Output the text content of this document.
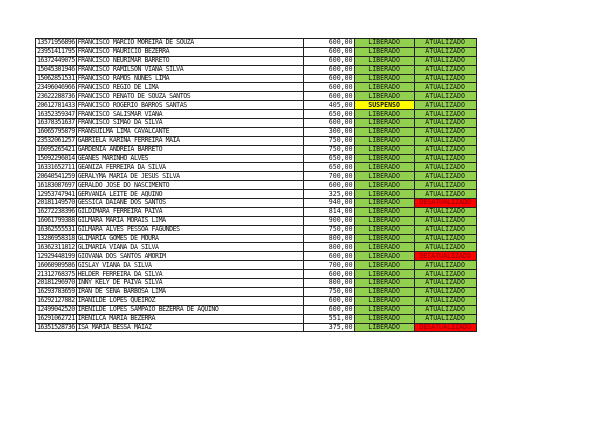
13571956896	FRANCISCO MARCIO MOREIRA DE SOUZA	600,00	LIBERADO	ATUALIZADO
23951411795	FRANCISCO MAURICIO BEZERRA	600,00	LIBERADO	ATUALIZADO
16372449075	FRANCISCO NEURIMAR BARRETO	600,00	LIBERADO	ATUALIZADO
15045301946	FRANCISCO RAMILSON VIANA SILVA	600,00	LIBERADO	ATUALIZADO
15062851531	FRANCISCO RAMOS NUNES LIMA	600,00	LIBERADO	ATUALIZADO
23496046966	FRANCISCO REGIO DE LIMA	600,00	LIBERADO	ATUALIZADO
23622288736	FRANCISCO RENATO DE SOUZA SANTOS	600,00	LIBERADO	ATUALIZADO
20612781433	FRANCISCO ROGERIO BARROS SANTAS	405,00	SUSPENSO	ATUALIZADO
16352359347	FRANCISCO SALISMAR VIANA	650,00	LIBERADO	ATUALIZADO
16378351637	FRANCISCO SIMAO DA SILVA	600,00	LIBERADO	ATUALIZADO
16065795879	FRANSUILMA LIMA CAVALCANTE	300,00	LIBERADO	ATUALIZADO
23532061257	GABRIELA KARINA FERREIRA MAIA	750,00	LIBERADO	ATUALIZADO
16095265421	GARDENIA ANDREIA BARRETO	750,00	LIBERADO	ATUALIZADO
15092296014	GEANES MARINHO ALVES	650,00	LIBERADO	ATUALIZADO
16331652711	GEANIZA FERREIRA DA SILVA	650,00	LIBERADO	ATUALIZADO
20640541259	GERALYMA MARIA DE JESUS SILVA	700,00	LIBERADO	ATUALIZADO
16183087697	GERALDO JOSE DO NASCIMENTO	600,00	LIBERADO	ATUALIZADO
12953747941	GERVANIA LEITE DE AQUINO	325,00	LIBERADO	ATUALIZADO
20181149570	GESSICA DAIANE DOS SANTOS	940,00	LIBERADO	DESATUALIZADO
16272238396	GILDIMARA FERREIRA PAIVA	814,00	LIBERADO	ATUALIZADO
16061799388	GILMARA MARIA MORAIS LIMA	900,00	LIBERADO	ATUALIZADO
16362555531	GILMARA ALVES PESSOA FAGUNDES	750,00	LIBERADO	ATUALIZADO
13286958318	GLIMARIA GOMES DE MOURA	800,00	LIBERADO	ATUALIZADO
16362311812	GLIMARIA VIANA DA SILVA	800,00	LIBERADO	ATUALIZADO
12929448199	GIOVANA DOS SANTOS AMORIM	600,00	LIBERADO	DESATUALIZADO
16060909586	GISLAY VIANA DA SILVA	700,00	LIBERADO	ATUALIZADO
21312768375	HELDER FERREIRA DA SILVA	600,00	LIBERADO	ATUALIZADO
20181296970	INNY KELY DE PAIVA SILVA	800,00	LIBERADO	ATUALIZADO
16293783659	IRAN DE SENA BARBOSA LIMA	750,00	LIBERADO	ATUALIZADO
16292127882	IRANILDE LOPES QUEIROZ	600,00	LIBERADO	ATUALIZADO
12499042520	IRENILDE LOPES SAMPAIO BEZERRA DE AQUINO	600,00	LIBERADO	ATUALIZADO
16291062721	IRENILCA MARIA BEZERRA	551,00	LIBERADO	ATUALIZADO
16351528736	ISA MARIA BESSA MAIAZ	375,00	LIBERADO	DESATUALIZADO
